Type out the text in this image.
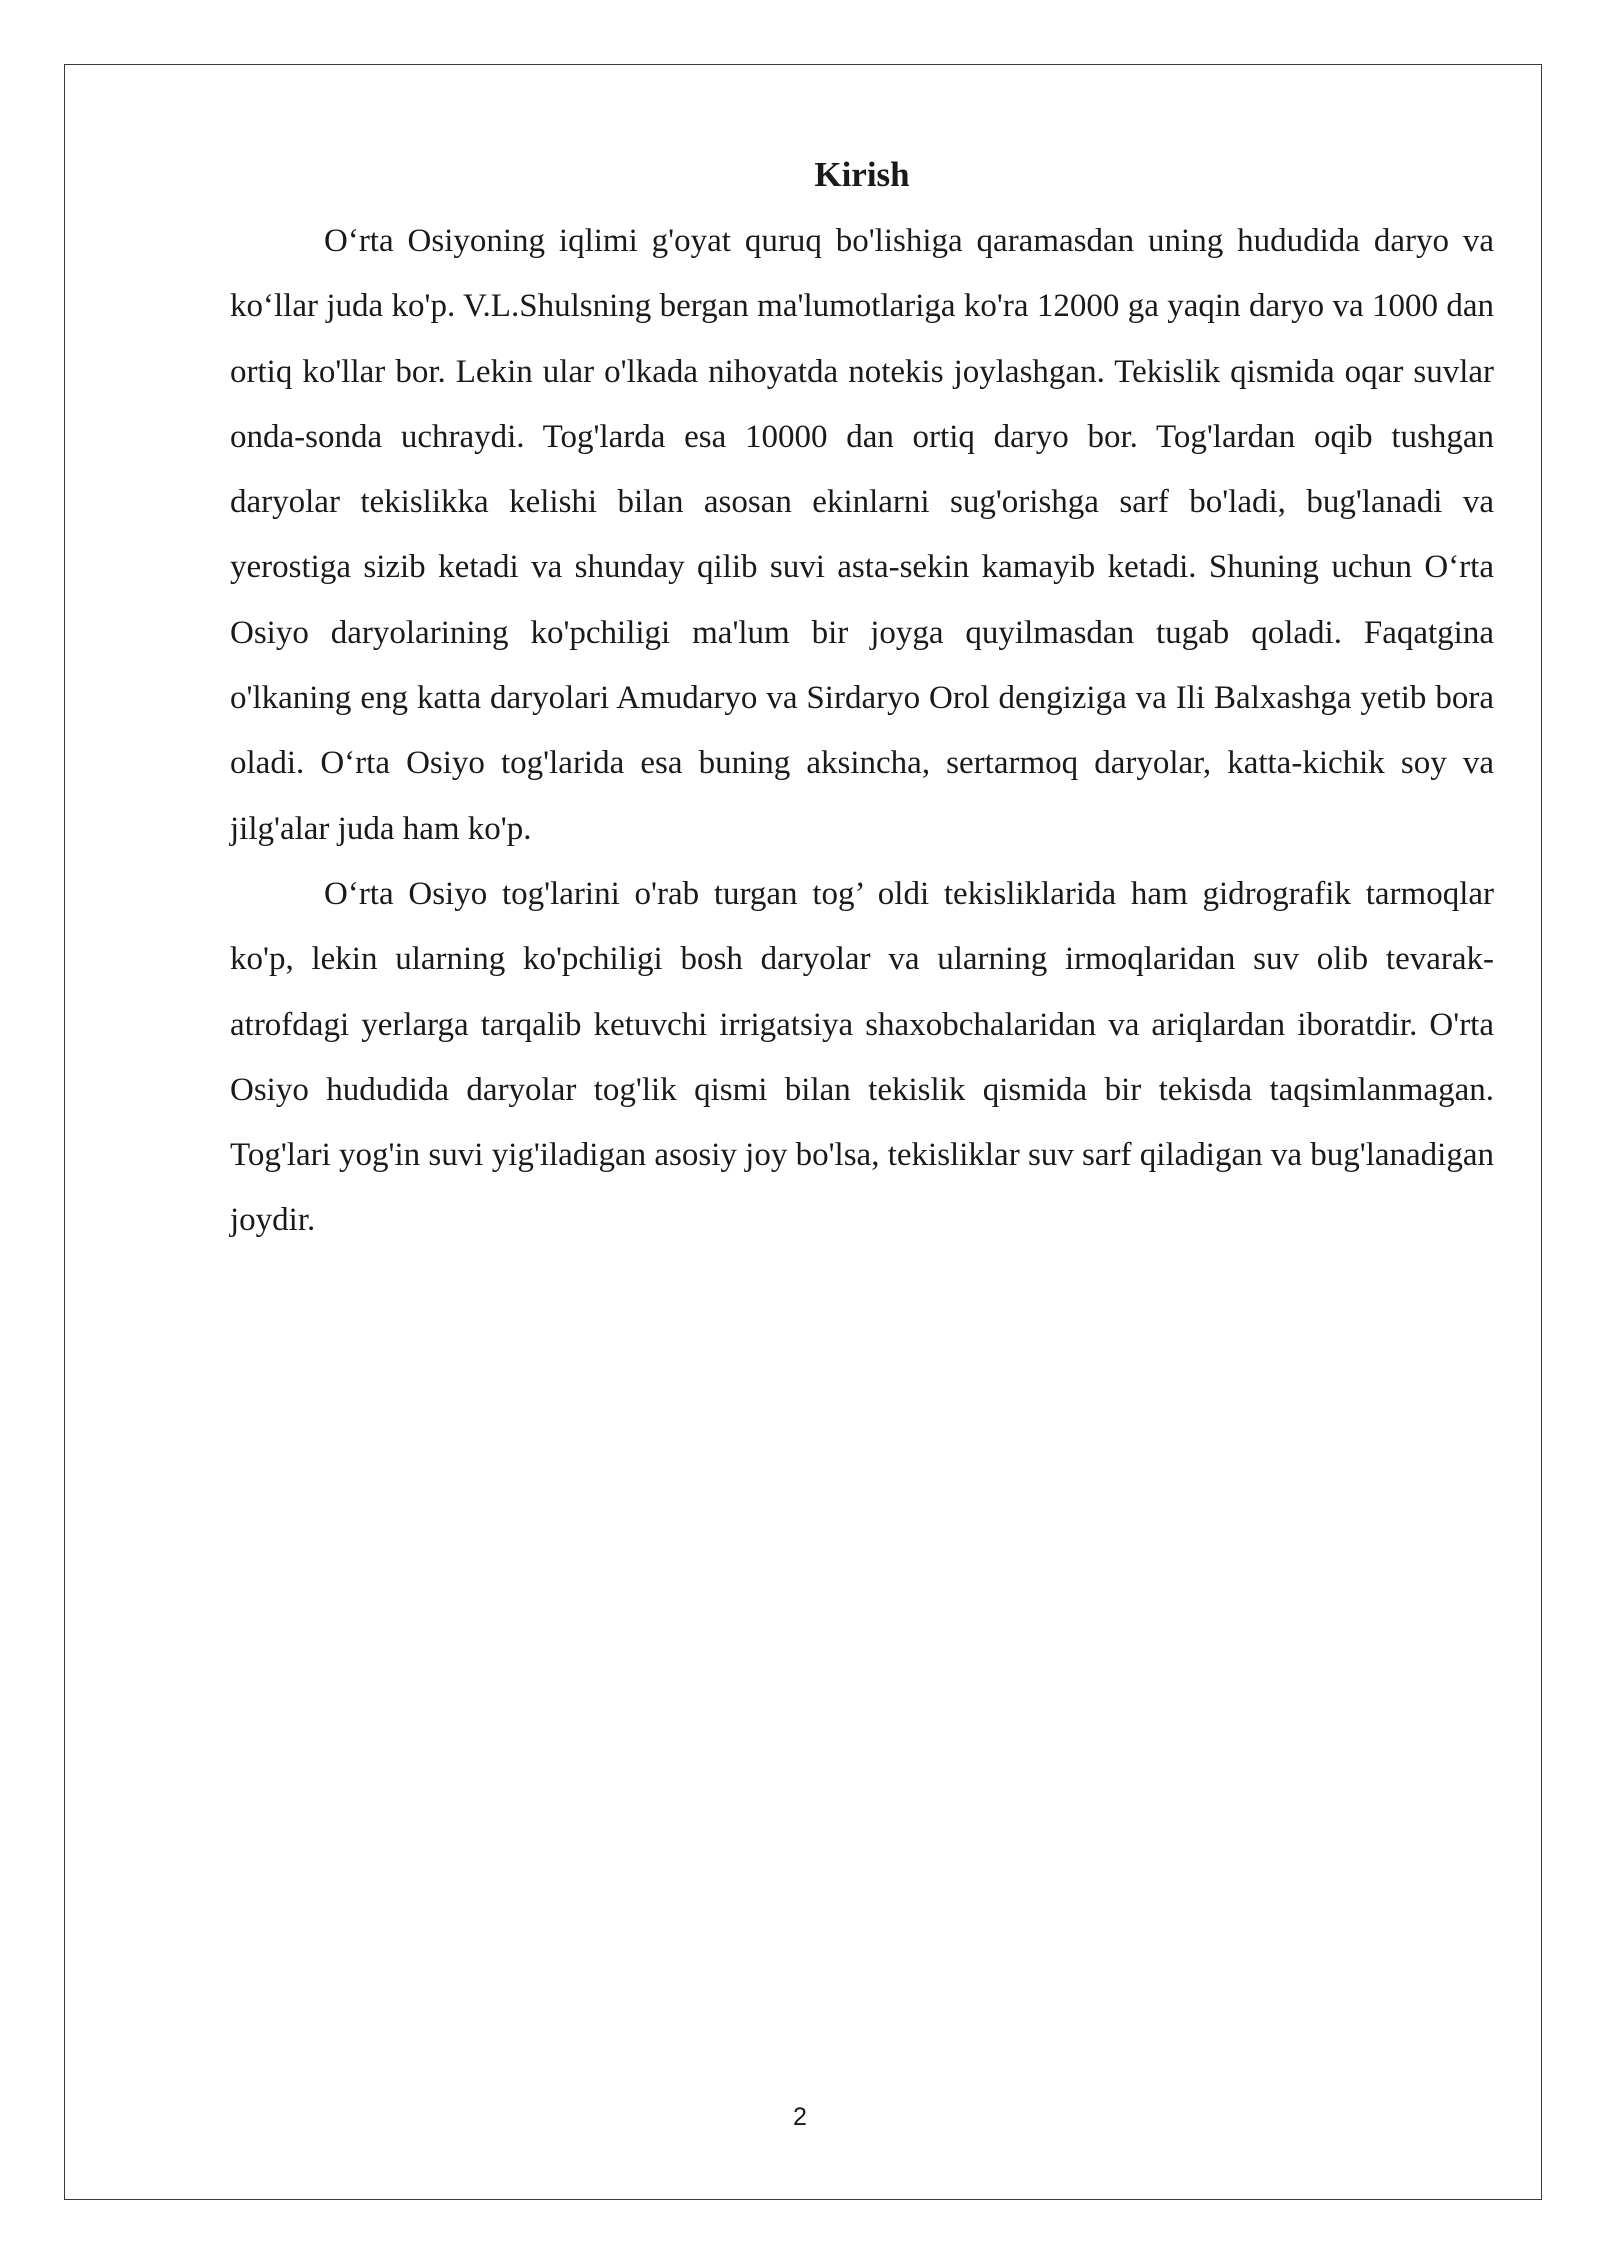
Kirish

O‘rta Osiyoning iqlimi g'oyat quruq bo'lishiga qaramasdan uning hududida daryo va ko‘llar juda ko'p. V.L.Shulsning bergan ma'lumotlariga ko'ra 12000 ga yaqin daryo va 1000 dan ortiq ko'llar bor. Lekin ular o'lkada nihoyatda notekis joylashgan. Tekislik qismida oqar suvlar onda-sonda uchraydi. Tog'larda esa 10000 dan ortiq daryo bor. Tog'lardan oqib tushgan daryolar tekislikka kelishi bilan asosan ekinlarni sug'orishga sarf bo'ladi, bug'lanadi va yerostiga sizib ketadi va shunday qilib suvi asta-sekin kamayib ketadi. Shuning uchun O‘rta Osiyo daryolarining ko'pchiligi ma'lum bir joyga quyilmasdan tugab qoladi. Faqatgina o'lkaning eng katta daryolari Amudaryo va Sirdaryo Orol dengiziga va Ili Balxashga yetib bora oladi. O‘rta Osiyo tog'larida esa buning aksincha, sertarmoq daryolar, katta-kichik soy va jilg'alar juda ham ko'p.

O‘rta Osiyo tog'larini o'rab turgan tog’ oldi tekisliklarida ham gidrografik tarmoqlar ko'p, lekin ularning ko'pchiligi bosh daryolar va ularning irmoqlaridan suv olib tevarak-atrofdagi yerlarga tarqalib ketuvchi irrigatsiya shaxobchalaridan va ariqlardan iboratdir. O'rta Osiyo hududida daryolar tog'lik qismi bilan tekislik qismida bir tekisda taqsimlanmagan. Tog'lari yog'in suvi yig'iladigan asosiy joy bo'lsa, tekisliklar suv sarf qiladigan va bug'lanadigan joydir.

2
